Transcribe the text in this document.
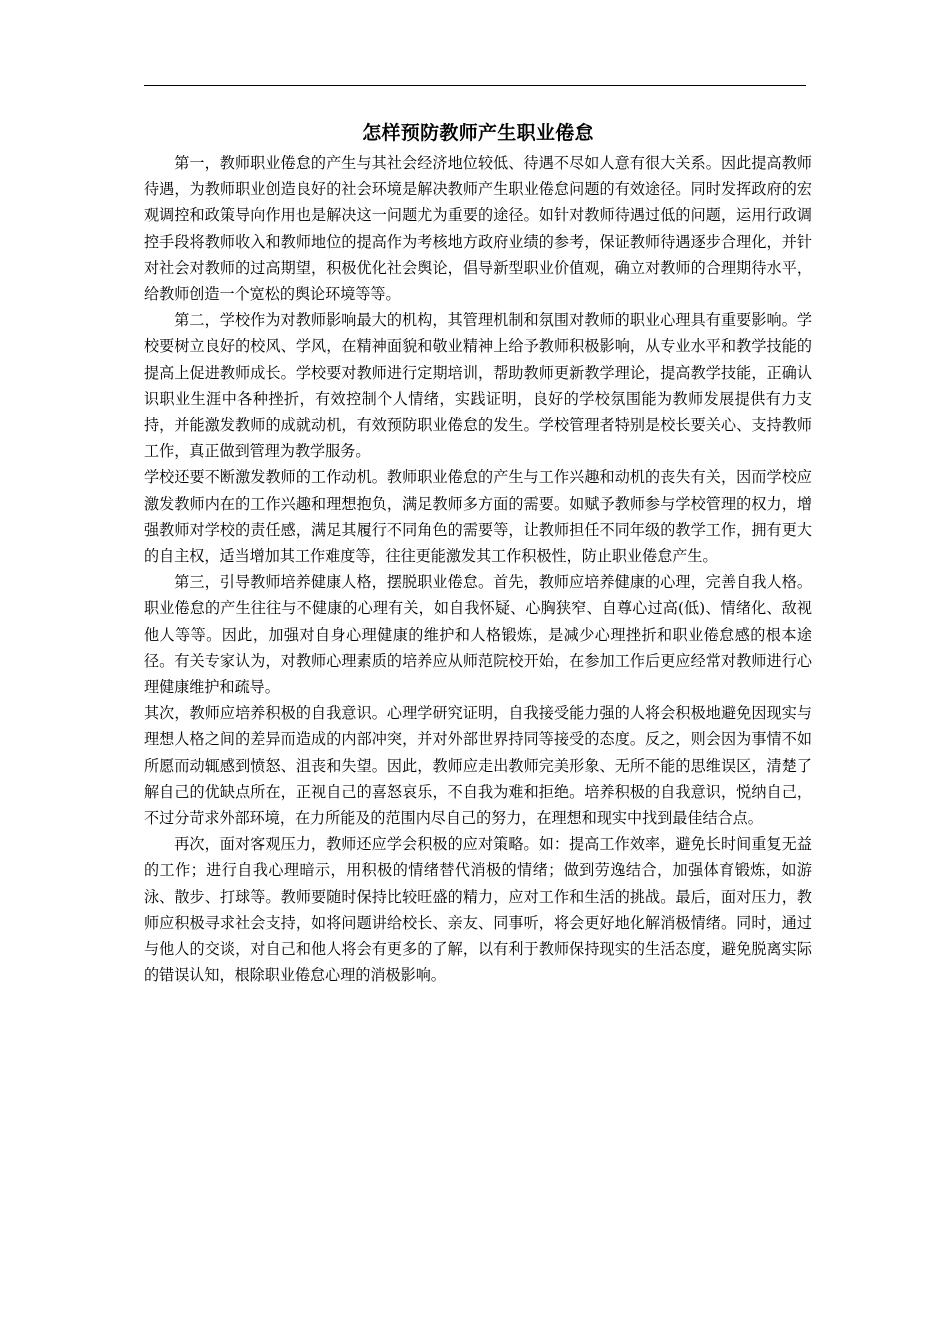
怎样预防教师产生职业倦怠

第一，教师职业倦怠的产生与其社会经济地位较低、待遇不尽如人意有很大关系。因此提高教师待遇，为教师职业创造良好的社会环境是解决教师产生职业倦怠问题的有效途径。同时发挥政府的宏观调控和政策导向作用也是解决这一问题尤为重要的途径。如针对教师待遇过低的问题，运用行政调控手段将教师收入和教师地位的提高作为考核地方政府业绩的参考，保证教师待遇逐步合理化，并针对社会对教师的过高期望，积极优化社会舆论，倡导新型职业价值观，确立对教师的合理期待水平，给教师创造一个宽松的舆论环境等等。

第二，学校作为对教师影响最大的机构，其管理机制和氛围对教师的职业心理具有重要影响。学校要树立良好的校风、学风，在精神面貌和敬业精神上给予教师积极影响，从专业水平和教学技能的提高上促进教师成长。学校要对教师进行定期培训，帮助教师更新教学理论，提高教学技能，正确认识职业生涯中各种挫折，有效控制个人情绪，实践证明，良好的学校氛围能为教师发展提供有力支持，并能激发教师的成就动机，有效预防职业倦怠的发生。学校管理者特别是校长要关心、支持教师工作，真正做到管理为教学服务。

学校还要不断激发教师的工作动机。教师职业倦怠的产生与工作兴趣和动机的丧失有关，因而学校应激发教师内在的工作兴趣和理想抱负，满足教师多方面的需要。如赋予教师参与学校管理的权力，增强教师对学校的责任感，满足其履行不同角色的需要等，让教师担任不同年级的教学工作，拥有更大的自主权，适当增加其工作难度等，往往更能激发其工作积极性，防止职业倦怠产生。

第三，引导教师培养健康人格，摆脱职业倦怠。首先，教师应培养健康的心理，完善自我人格。职业倦怠的产生往往与不健康的心理有关，如自我怀疑、心胸狭窄、自尊心过高(低)、情绪化、敌视他人等等。因此，加强对自身心理健康的维护和人格锻炼，是减少心理挫折和职业倦怠感的根本途径。有关专家认为，对教师心理素质的培养应从师范院校开始，在参加工作后更应经常对教师进行心理健康维护和疏导。

其次，教师应培养积极的自我意识。心理学研究证明，自我接受能力强的人将会积极地避免因现实与理想人格之间的差异而造成的内部冲突，并对外部世界持同等接受的态度。反之，则会因为事情不如所愿而动辄感到愤怒、沮丧和失望。因此，教师应走出教师完美形象、无所不能的思维误区，清楚了解自己的优缺点所在，正视自己的喜怒哀乐，不自我为难和拒绝。培养积极的自我意识，悦纳自己，不过分苛求外部环境，在力所能及的范围内尽自己的努力，在理想和现实中找到最佳结合点。

再次，面对客观压力，教师还应学会积极的应对策略。如：提高工作效率，避免长时间重复无益的工作；进行自我心理暗示，用积极的情绪替代消极的情绪；做到劳逸结合，加强体育锻炼，如游泳、散步、打球等。教师要随时保持比较旺盛的精力，应对工作和生活的挑战。最后，面对压力，教师应积极寻求社会支持，如将问题讲给校长、亲友、同事听，将会更好地化解消极情绪。同时，通过与他人的交谈，对自己和他人将会有更多的了解，以有利于教师保持现实的生活态度，避免脱离实际的错误认知，根除职业倦怠心理的消极影响。
